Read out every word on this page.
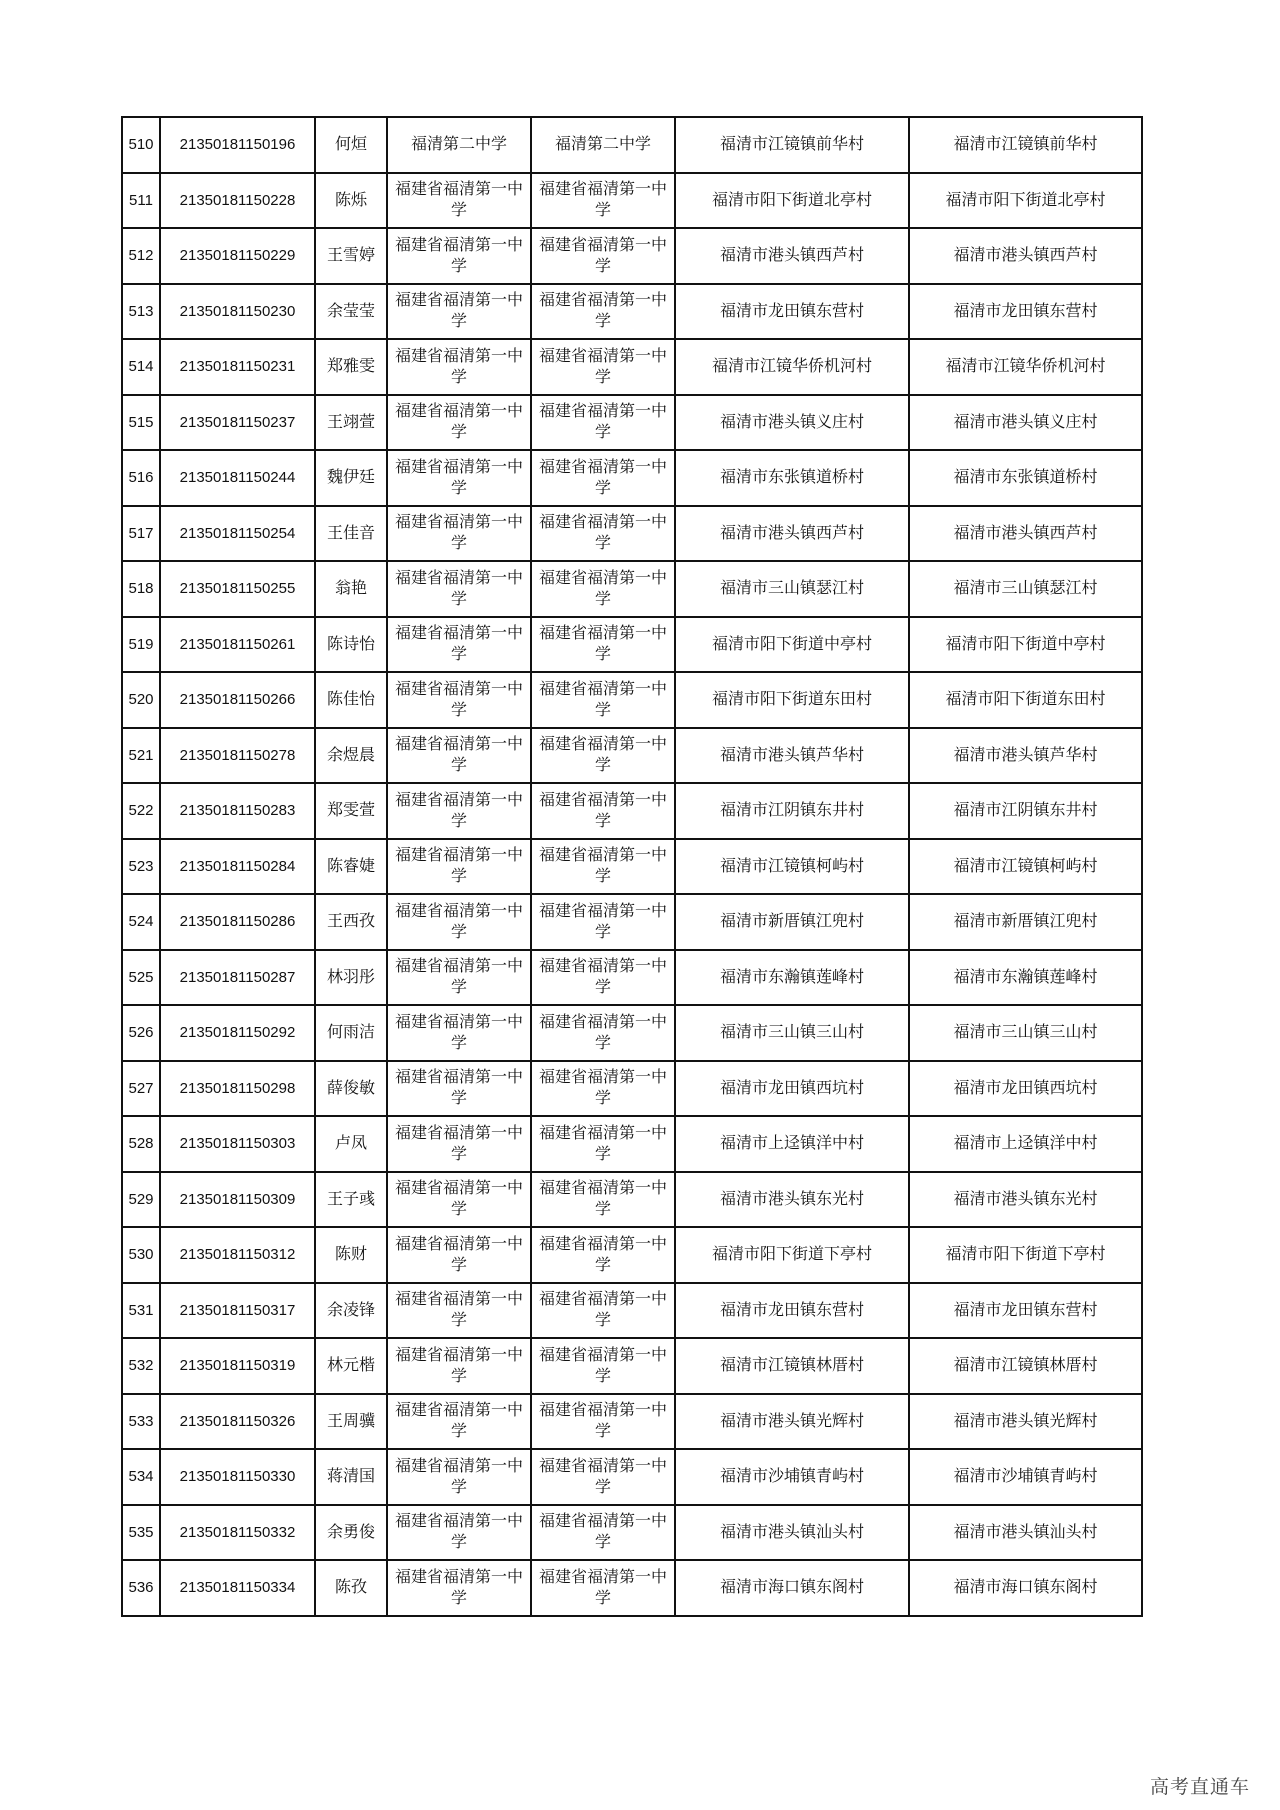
510	21350181150196	何烜	福清第二中学	福清第二中学	福清市江镜镇前华村	福清市江镜镇前华村
511	21350181150228	陈烁	福建省福清第一中学	福建省福清第一中学	福清市阳下街道北亭村	福清市阳下街道北亭村
512	21350181150229	王雪婷	福建省福清第一中学	福建省福清第一中学	福清市港头镇西芦村	福清市港头镇西芦村
513	21350181150230	余莹莹	福建省福清第一中学	福建省福清第一中学	福清市龙田镇东营村	福清市龙田镇东营村
514	21350181150231	郑雅雯	福建省福清第一中学	福建省福清第一中学	福清市江镜华侨机河村	福清市江镜华侨机河村
515	21350181150237	王翊萱	福建省福清第一中学	福建省福清第一中学	福清市港头镇义庄村	福清市港头镇义庄村
516	21350181150244	魏伊廷	福建省福清第一中学	福建省福清第一中学	福清市东张镇道桥村	福清市东张镇道桥村
517	21350181150254	王佳音	福建省福清第一中学	福建省福清第一中学	福清市港头镇西芦村	福清市港头镇西芦村
518	21350181150255	翁艳	福建省福清第一中学	福建省福清第一中学	福清市三山镇瑟江村	福清市三山镇瑟江村
519	21350181150261	陈诗怡	福建省福清第一中学	福建省福清第一中学	福清市阳下街道中亭村	福清市阳下街道中亭村
520	21350181150266	陈佳怡	福建省福清第一中学	福建省福清第一中学	福清市阳下街道东田村	福清市阳下街道东田村
521	21350181150278	余煜晨	福建省福清第一中学	福建省福清第一中学	福清市港头镇芦华村	福清市港头镇芦华村
522	21350181150283	郑雯萱	福建省福清第一中学	福建省福清第一中学	福清市江阴镇东井村	福清市江阴镇东井村
523	21350181150284	陈睿婕	福建省福清第一中学	福建省福清第一中学	福清市江镜镇柯屿村	福清市江镜镇柯屿村
524	21350181150286	王西孜	福建省福清第一中学	福建省福清第一中学	福清市新厝镇江兜村	福清市新厝镇江兜村
525	21350181150287	林羽彤	福建省福清第一中学	福建省福清第一中学	福清市东瀚镇莲峰村	福清市东瀚镇莲峰村
526	21350181150292	何雨洁	福建省福清第一中学	福建省福清第一中学	福清市三山镇三山村	福清市三山镇三山村
527	21350181150298	薛俊敏	福建省福清第一中学	福建省福清第一中学	福清市龙田镇西坑村	福清市龙田镇西坑村
528	21350181150303	卢凤	福建省福清第一中学	福建省福清第一中学	福清市上迳镇洋中村	福清市上迳镇洋中村
529	21350181150309	王子彧	福建省福清第一中学	福建省福清第一中学	福清市港头镇东光村	福清市港头镇东光村
530	21350181150312	陈财	福建省福清第一中学	福建省福清第一中学	福清市阳下街道下亭村	福清市阳下街道下亭村
531	21350181150317	余凌锋	福建省福清第一中学	福建省福清第一中学	福清市龙田镇东营村	福清市龙田镇东营村
532	21350181150319	林元楷	福建省福清第一中学	福建省福清第一中学	福清市江镜镇林厝村	福清市江镜镇林厝村
533	21350181150326	王周骥	福建省福清第一中学	福建省福清第一中学	福清市港头镇光辉村	福清市港头镇光辉村
534	21350181150330	蒋清国	福建省福清第一中学	福建省福清第一中学	福清市沙埔镇青屿村	福清市沙埔镇青屿村
535	21350181150332	余勇俊	福建省福清第一中学	福建省福清第一中学	福清市港头镇汕头村	福清市港头镇汕头村
536	21350181150334	陈孜	福建省福清第一中学	福建省福清第一中学	福清市海口镇东阁村	福清市海口镇东阁村
高考直通车
